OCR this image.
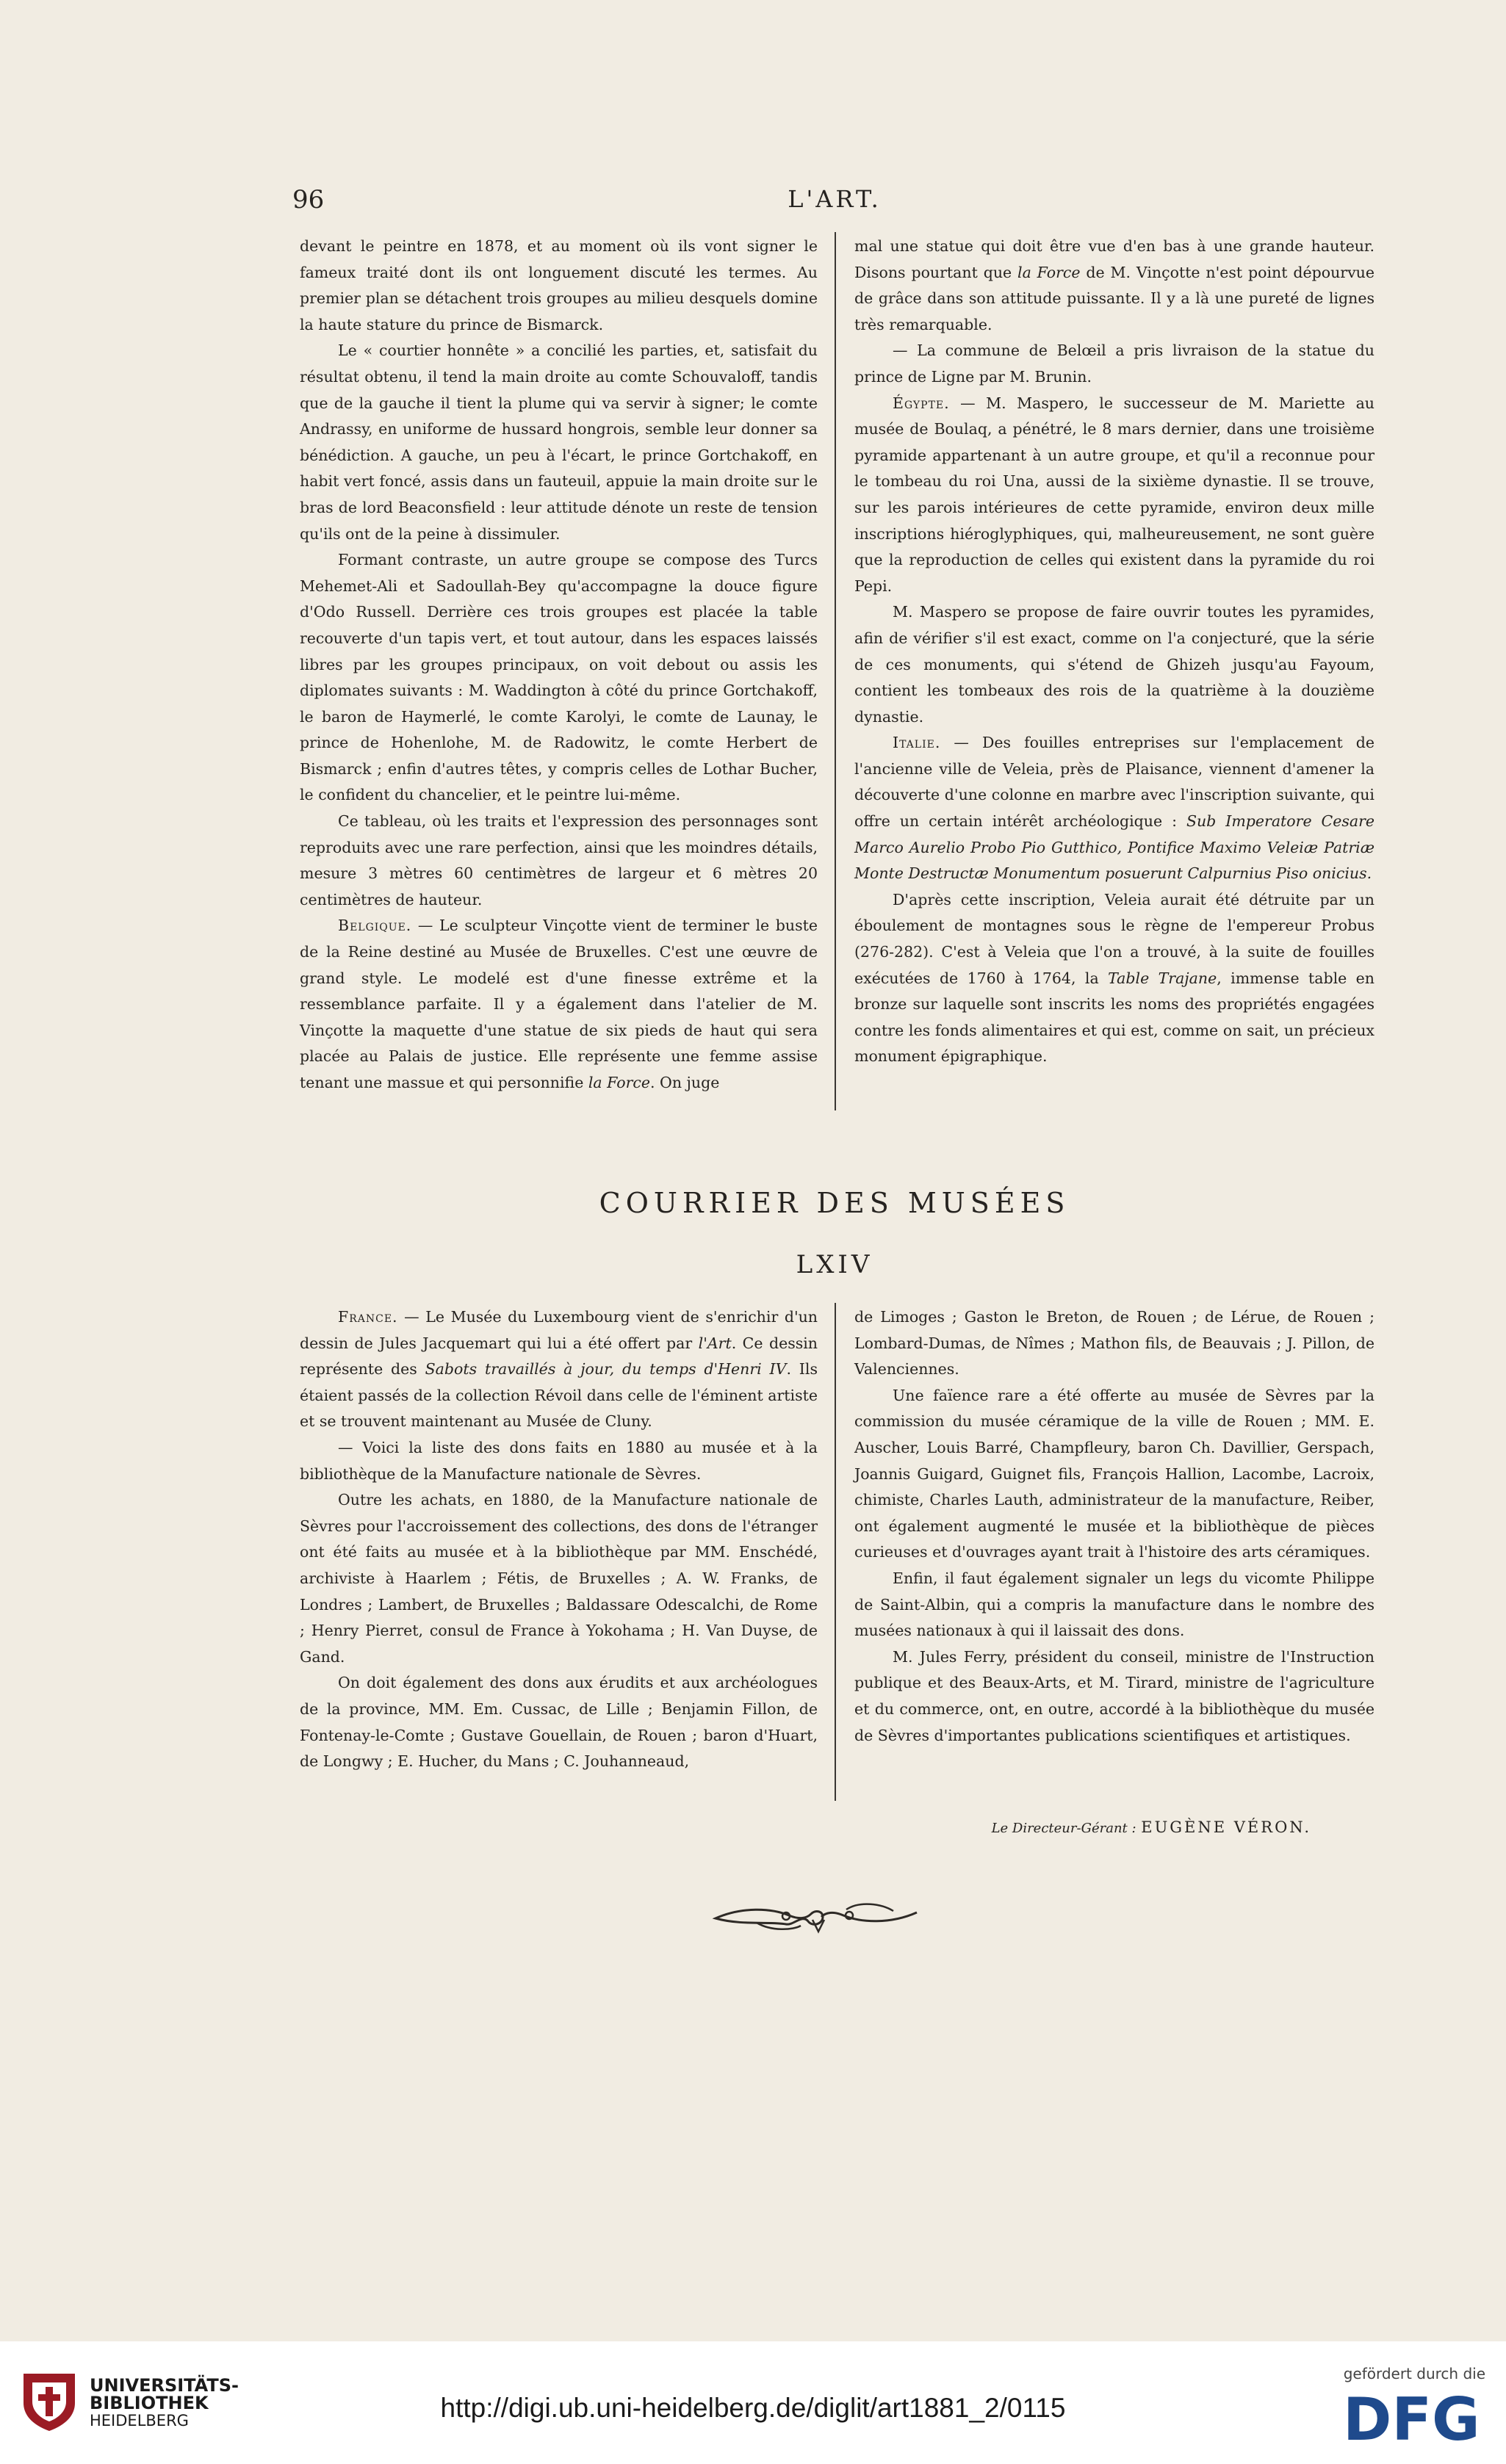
96	L'ART.

devant le peintre en 1878, et au moment où ils vont signer le fameux traité dont ils ont longuement discuté les termes. Au premier plan se détachent trois groupes au milieu desquels domine la haute stature du prince de Bismarck.

Le « courtier honnête » a concilié les parties, et, satisfait du résultat obtenu, il tend la main droite au comte Schouvaloff, tandis que de la gauche il tient la plume qui va servir à signer; le comte Andrassy, en uniforme de hussard hongrois, semble leur donner sa bénédiction. A gauche, un peu à l'écart, le prince Gortchakoff, en habit vert foncé, assis dans un fauteuil, appuie la main droite sur le bras de lord Beaconsfield : leur attitude dénote un reste de tension qu'ils ont de la peine à dissimuler.

Formant contraste, un autre groupe se compose des Turcs Mehemet-Ali et Sadoullah-Bey qu'accompagne la douce figure d'Odo Russell. Derrière ces trois groupes est placée la table recouverte d'un tapis vert, et tout autour, dans les espaces laissés libres par les groupes principaux, on voit debout ou assis les diplomates suivants : M. Waddington à côté du prince Gortchakoff, le baron de Haymerlé, le comte Karolyi, le comte de Launay, le prince de Hohenlohe, M. de Radowitz, le comte Herbert de Bismarck ; enfin d'autres têtes, y compris celles de Lothar Bucher, le confident du chancelier, et le peintre lui-même.

Ce tableau, où les traits et l'expression des personnages sont reproduits avec une rare perfection, ainsi que les moindres détails, mesure 3 mètres 60 centimètres de largeur et 6 mètres 20 centimètres de hauteur.

Belgique. — Le sculpteur Vinçotte vient de terminer le buste de la Reine destiné au Musée de Bruxelles. C'est une œuvre de grand style. Le modelé est d'une finesse extrême et la ressemblance parfaite. Il y a également dans l'atelier de M. Vinçotte la maquette d'une statue de six pieds de haut qui sera placée au Palais de justice. Elle représente une femme assise tenant une massue et qui personnifie la Force. On juge

mal une statue qui doit être vue d'en bas à une grande hauteur. Disons pourtant que la Force de M. Vinçotte n'est point dépourvue de grâce dans son attitude puissante. Il y a là une pureté de lignes très remarquable.

— La commune de Belœil a pris livraison de la statue du prince de Ligne par M. Brunin.

Égypte. — M. Maspero, le successeur de M. Mariette au musée de Boulaq, a pénétré, le 8 mars dernier, dans une troisième pyramide appartenant à un autre groupe, et qu'il a reconnue pour le tombeau du roi Una, aussi de la sixième dynastie. Il se trouve, sur les parois intérieures de cette pyramide, environ deux mille inscriptions hiéroglyphiques, qui, malheureusement, ne sont guère que la reproduction de celles qui existent dans la pyramide du roi Pepi.

M. Maspero se propose de faire ouvrir toutes les pyramides, afin de vérifier s'il est exact, comme on l'a conjecturé, que la série de ces monuments, qui s'étend de Ghizeh jusqu'au Fayoum, contient les tombeaux des rois de la quatrième à la douzième dynastie.

Italie. — Des fouilles entreprises sur l'emplacement de l'ancienne ville de Veleia, près de Plaisance, viennent d'amener la découverte d'une colonne en marbre avec l'inscription suivante, qui offre un certain intérêt archéologique : Sub Imperatore Cesare Marco Aurelio Probo Pio Gutthico, Pontifice Maximo Veleiæ Patriæ Monte Destructæ Monumentum posuerunt Calpurnius Piso onicius.

D'après cette inscription, Veleia aurait été détruite par un éboulement de montagnes sous le règne de l'empereur Probus (276-282). C'est à Veleia que l'on a trouvé, à la suite de fouilles exécutées de 1760 à 1764, la Table Trajane, immense table en bronze sur laquelle sont inscrits les noms des propriétés engagées contre les fonds alimentaires et qui est, comme on sait, un précieux monument épigraphique.

COURRIER DES MUSÉES
LXIV

France. — Le Musée du Luxembourg vient de s'enrichir d'un dessin de Jules Jacquemart qui lui a été offert par l'Art. Ce dessin représente des Sabots travaillés à jour, du temps d'Henri IV. Ils étaient passés de la collection Révoil dans celle de l'éminent artiste et se trouvent maintenant au Musée de Cluny.

— Voici la liste des dons faits en 1880 au musée et à la bibliothèque de la Manufacture nationale de Sèvres.

Outre les achats, en 1880, de la Manufacture nationale de Sèvres pour l'accroissement des collections, des dons de l'étranger ont été faits au musée et à la bibliothèque par MM. Enschédé, archiviste à Haarlem ; Fétis, de Bruxelles ; A. W. Franks, de Londres ; Lambert, de Bruxelles ; Baldassare Odescalchi, de Rome ; Henry Pierret, consul de France à Yokohama ; H. Van Duyse, de Gand.

On doit également des dons aux érudits et aux archéologues de la province, MM. Em. Cussac, de Lille ; Benjamin Fillon, de Fontenay-le-Comte ; Gustave Gouellain, de Rouen ; baron d'Huart, de Longwy ; E. Hucher, du Mans ; C. Jouhanneaud,

de Limoges ; Gaston le Breton, de Rouen ; de Lérue, de Rouen ; Lombard-Dumas, de Nîmes ; Mathon fils, de Beauvais ; J. Pillon, de Valenciennes.

Une faïence rare a été offerte au musée de Sèvres par la commission du musée céramique de la ville de Rouen ; MM. E. Auscher, Louis Barré, Champfleury, baron Ch. Davillier, Gerspach, Joannis Guigard, Guignet fils, François Hallion, Lacombe, Lacroix, chimiste, Charles Lauth, administrateur de la manufacture, Reiber, ont également augmenté le musée et la bibliothèque de pièces curieuses et d'ouvrages ayant trait à l'histoire des arts céramiques.

Enfin, il faut également signaler un legs du vicomte Philippe de Saint-Albin, qui a compris la manufacture dans le nombre des musées nationaux à qui il laissait des dons.

M. Jules Ferry, président du conseil, ministre de l'Instruction publique et des Beaux-Arts, et M. Tirard, ministre de l'agriculture et du commerce, ont, en outre, accordé à la bibliothèque du musée de Sèvres d'importantes publications scientifiques et artistiques.

Le Directeur-Gérant : EUGÈNE VÉRON.
UNIVERSITÄTS-
BIBLIOTHEK
HEIDELBERG	http://digi.ub.uni-heidelberg.de/diglit/art1881_2/0115
gefördert durch die
DFG
